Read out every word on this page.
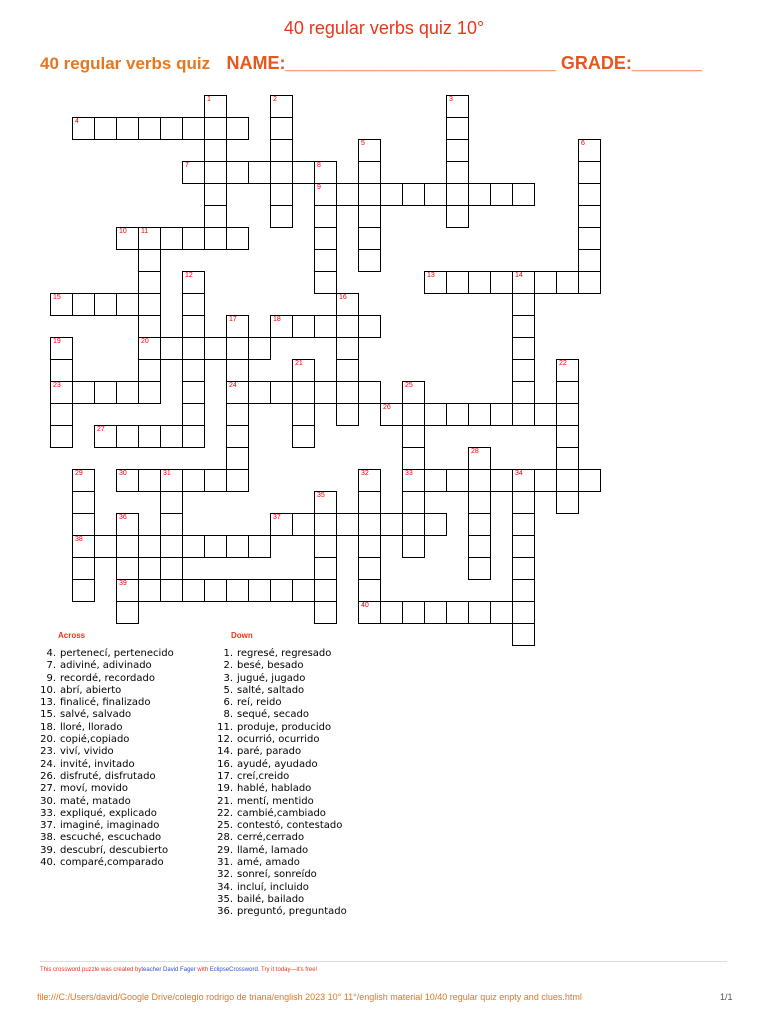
40 regular verbs quiz 10°
40 regular verbs quiz NAME:___________________________ GRADE:_______
4
7	8
9
10 11
13	14
15
18
20
23	24
26
27
30	31	33	34
37
38
39
40
1	2	3
5	6
12
16
17
19
21	22
25
28
29	32
35
36
Across
4. pertenecí, pertenecido
7. adiviné, adivinado
9. recordé, recordado
10. abrí, abierto
13. finalicé, finalizado
15. salvé, salvado
18. lloré, llorado
20. copié,copiado
23. viví, vivido
24. invité, invitado
26. disfruté, disfrutado
27. moví, movido
30. maté, matado
33. expliqué, explicado
37. imaginé, imaginado
38. escuché, escuchado
39. descubrí, descubierto
40. comparé,comparado
Down
1. regresé, regresado
2. besé, besado
3. jugué, jugado
5. salté, saltado
6. reí, reido
8. sequé, secado
11. produje, producido
12. ocurrió, ocurrido
14. paré, parado
16. ayudé, ayudado
17. creí,creido
19. hablé, hablado
21. mentí, mentido
22. cambié,cambiado
25. contestó, contestado
28. cerré,cerrado
29. llamé, lamado
31. amé, amado
32. sonreí, sonreído
34. incluí, incluido
35. bailé, bailado
36. preguntó, preguntado
This crossword puzzle was created byteacher David Fager with EclipseCrossword. Try it today—it's free!
file:///C:/Users/david/Google Drive/colegio rodrigo de triana/english 2023 10° 11°/english material 10/40 regular quiz enpty and clues.html	1/1
